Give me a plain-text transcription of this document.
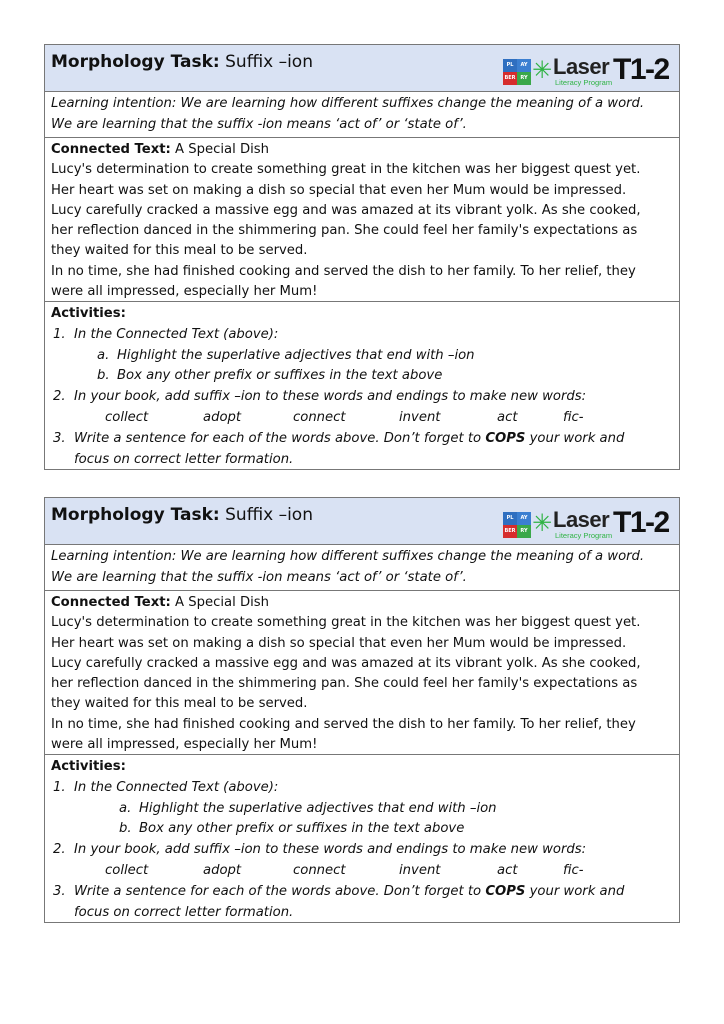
Morphology Task: Suffix –ion	PL	AY
BER RY ✳ Laser
Literacy Program T1-2
Learning intention: We are learning how different suffixes change the meaning of a word.
We are learning that the suffix -ion means ‘act of’ or ‘state of’.
Connected Text: A Special Dish
Lucy's determination to create something great in the kitchen was her biggest quest yet.
Her heart was set on making a dish so special that even her Mum would be impressed.
Lucy carefully cracked a massive egg and was amazed at its vibrant yolk. As she cooked,
her reflection danced in the shimmering pan. She could feel her family's expectations as
they waited for this meal to be served.
In no time, she had finished cooking and served the dish to her family. To her relief, they
were all impressed, especially her Mum!
Activities:
1. In the Connected Text (above):
a. Highlight the superlative adjectives that end with –ion
b. Box any other prefix or suffixes in the text above
2. In your book, add suffix –ion to these words and endings to make new words:
collect	adopt	connect	invent	act	fic-
3. Write a sentence for each of the words above. Don’t forget to COPS your work and
focus on correct letter formation.
Morphology Task: Suffix –ion	PL	AY
BER RY ✳ Laser
Literacy Program T1-2
Learning intention: We are learning how different suffixes change the meaning of a word.
We are learning that the suffix -ion means ‘act of’ or ‘state of’.
Connected Text: A Special Dish
Lucy's determination to create something great in the kitchen was her biggest quest yet.
Her heart was set on making a dish so special that even her Mum would be impressed.
Lucy carefully cracked a massive egg and was amazed at its vibrant yolk. As she cooked,
her reflection danced in the shimmering pan. She could feel her family's expectations as
they waited for this meal to be served.
In no time, she had finished cooking and served the dish to her family. To her relief, they
were all impressed, especially her Mum!
Activities:
1. In the Connected Text (above):
a. Highlight the superlative adjectives that end with –ion
b. Box any other prefix or suffixes in the text above
2. In your book, add suffix –ion to these words and endings to make new words:
collect	adopt	connect	invent	act	fic-
3. Write a sentence for each of the words above. Don’t forget to COPS your work and
focus on correct letter formation.
